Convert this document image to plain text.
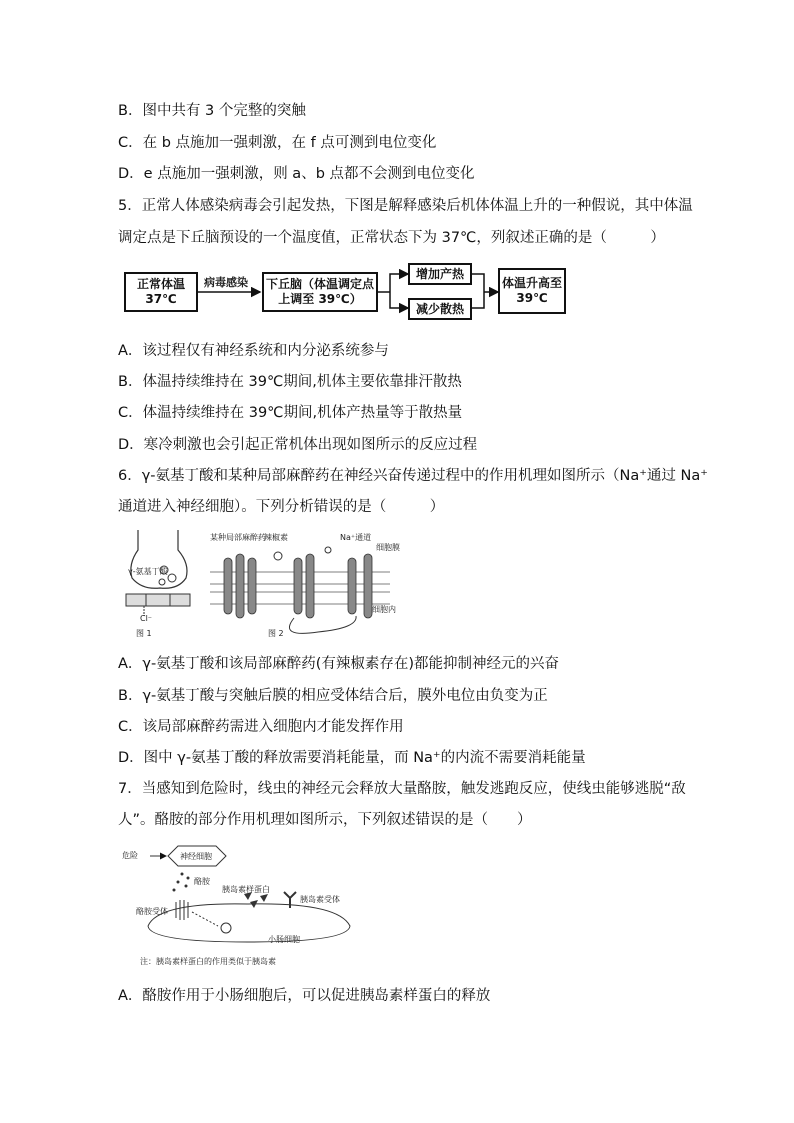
B．图中共有 3 个完整的突触
C．在 b 点施加一强刺激，在 f 点可测到电位变化
D．e 点施加一强刺激，则 a、b 点都不会测到电位变化
5．正常人体感染病毒会引起发热，下图是解释感染后机体体温上升的一种假说，其中体温
调定点是下丘脑预设的一个温度值，正常状态下为 37℃，列叙述正确的是（　　　）
正常体温
37℃
病毒感染	下丘脑（体温调定点
上调至 39℃）
增加产热
减少散热
体温升高至
39℃
A．该过程仅有神经系统和内分泌系统参与
B．体温持续维持在 39℃期间,机体主要依靠排汗散热
C．体温持续维持在 39℃期间,机体产热量等于散热量
D．寒冷刺激也会引起正常机体出现如图所示的反应过程
6．γ-氨基丁酸和某种局部麻醉药在神经兴奋传递过程中的作用机理如图所示（Na⁺通过 Na⁺
通道进入神经细胞）。下列分析错误的是（　　　）
γ-氨基丁酸
Cl⁻
图 1
某种局部麻醉药
辣椒素	Na⁺通道
细胞膜
细胞内
图 2
A．γ-氨基丁酸和该局部麻醉药(有辣椒素存在)都能抑制神经元的兴奋
B．γ-氨基丁酸与突触后膜的相应受体结合后，膜外电位由负变为正
C．该局部麻醉药需进入细胞内才能发挥作用
D．图中 γ-氨基丁酸的释放需要消耗能量，而 Na⁺的内流不需要消耗能量
7．当感知到危险时，线虫的神经元会释放大量酪胺，触发逃跑反应，使线虫能够逃脱“敌
人”。酪胺的部分作用机理如图所示，下列叙述错误的是（　　）
危险	神经细胞
酪胺
酪胺受体
胰岛素样蛋白
胰岛素受体
小肠细胞
注：胰岛素样蛋白的作用类似于胰岛素
A．酪胺作用于小肠细胞后，可以促进胰岛素样蛋白的释放
